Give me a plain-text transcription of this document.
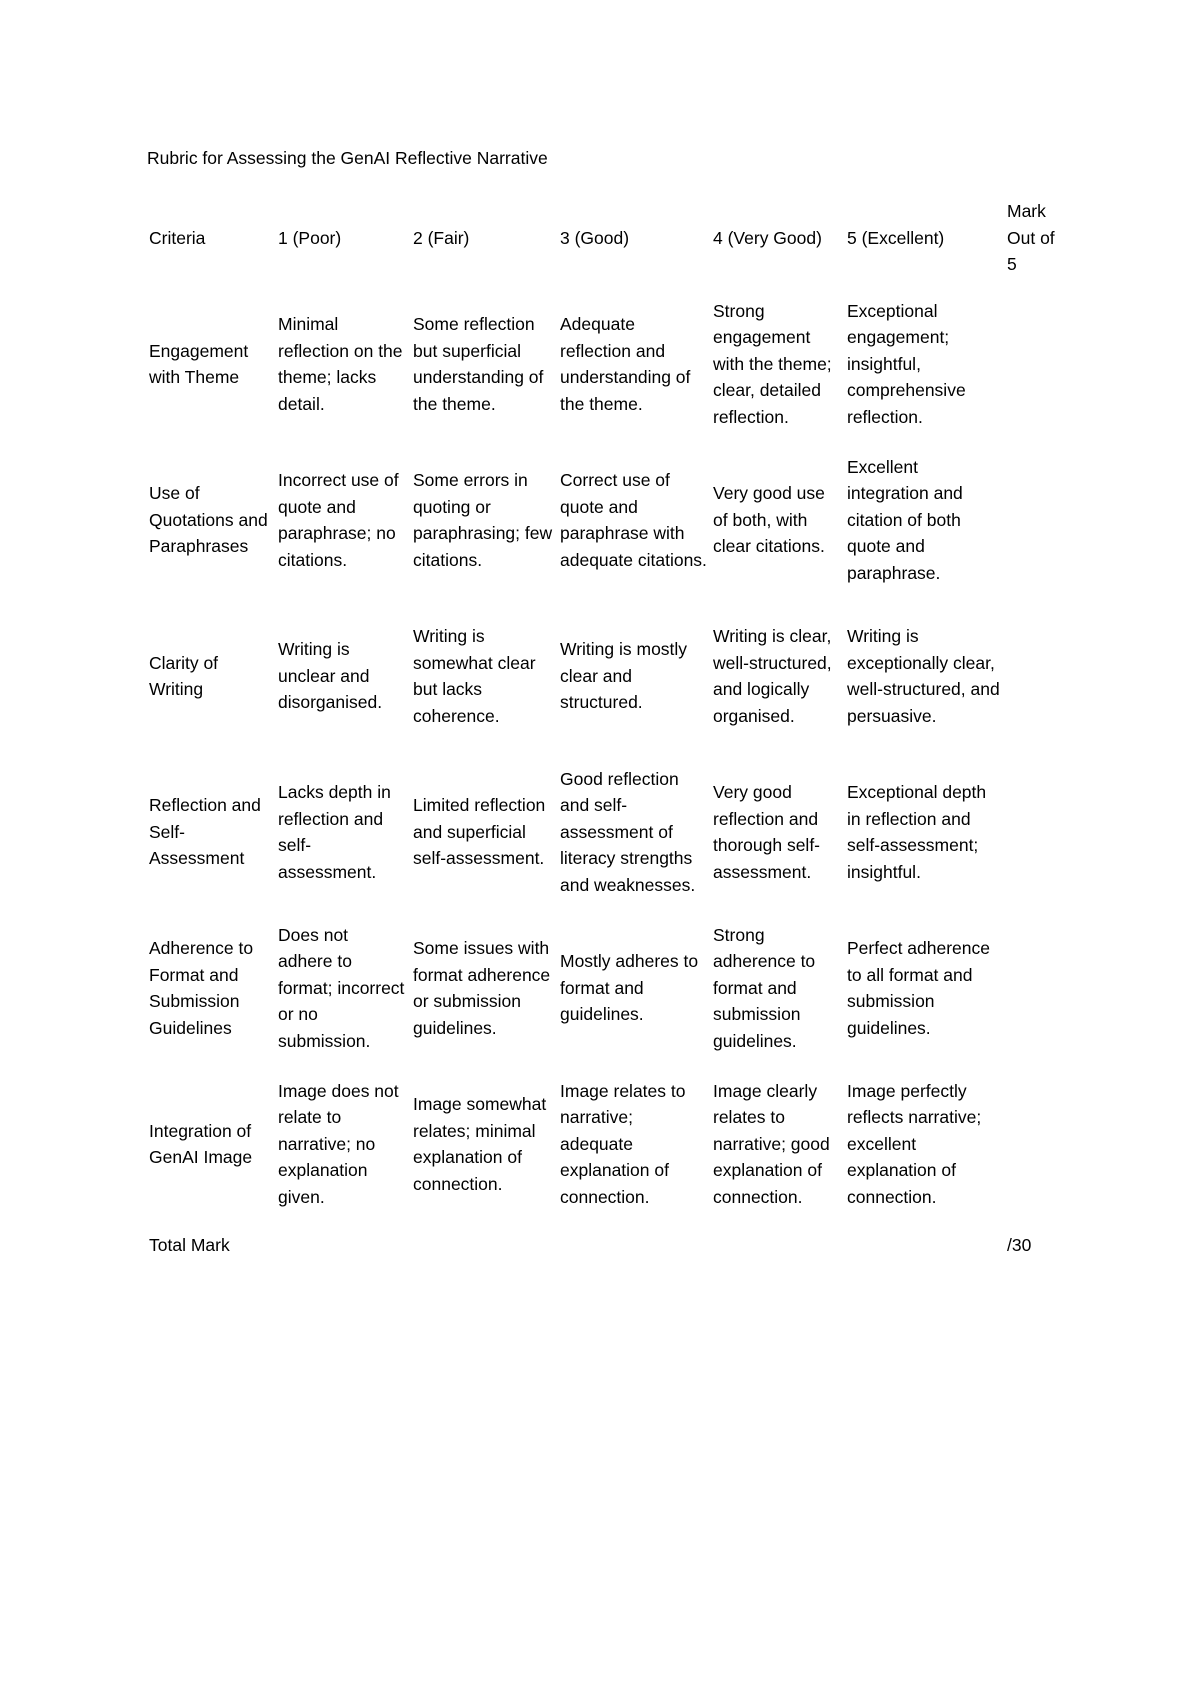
Rubric for Assessing the GenAI Reflective Narrative
Criteria	1 (Poor)	2 (Fair)	3 (Good)	4 (Very Good)	5 (Excellent)	Mark Out of 5
Engagement with Theme	Minimal reflection on the theme; lacks detail.	Some reflection but superficial understanding of the theme.	Adequate reflection and understanding of the theme.	Strong engagement with the theme; clear, detailed reflection.	Exceptional engagement; insightful, comprehensive reflection.	
Use of Quotations and Paraphrases	Incorrect use of quote and paraphrase; no citations.	Some errors in quoting or paraphrasing; few citations.	Correct use of quote and paraphrase with adequate citations.	Very good use of both, with clear citations.	Excellent integration and citation of both quote and paraphrase.	
Clarity of Writing	Writing is unclear and disorganised.	Writing is somewhat clear but lacks coherence.	Writing is mostly clear and structured.	Writing is clear, well-structured, and logically organised.	Writing is exceptionally clear, well-structured, and persuasive.	
Reflection and Self-Assessment	Lacks depth in reflection and self-assessment.	Limited reflection and superficial self-assessment.	Good reflection and self-assessment of literacy strengths and weaknesses.	Very good reflection and thorough self-assessment.	Exceptional depth in reflection and self-assessment; insightful.	
Adherence to Format and Submission Guidelines	Does not adhere to format; incorrect or no submission.	Some issues with format adherence or submission guidelines.	Mostly adheres to format and guidelines.	Strong adherence to format and submission guidelines.	Perfect adherence to all format and submission guidelines.	
Integration of GenAI Image	Image does not relate to narrative; no explanation given.	Image somewhat relates; minimal explanation of connection.	Image relates to narrative; adequate explanation of connection.	Image clearly relates to narrative; good explanation of connection.	Image perfectly reflects narrative; excellent explanation of connection.	
Total Mark						/30
